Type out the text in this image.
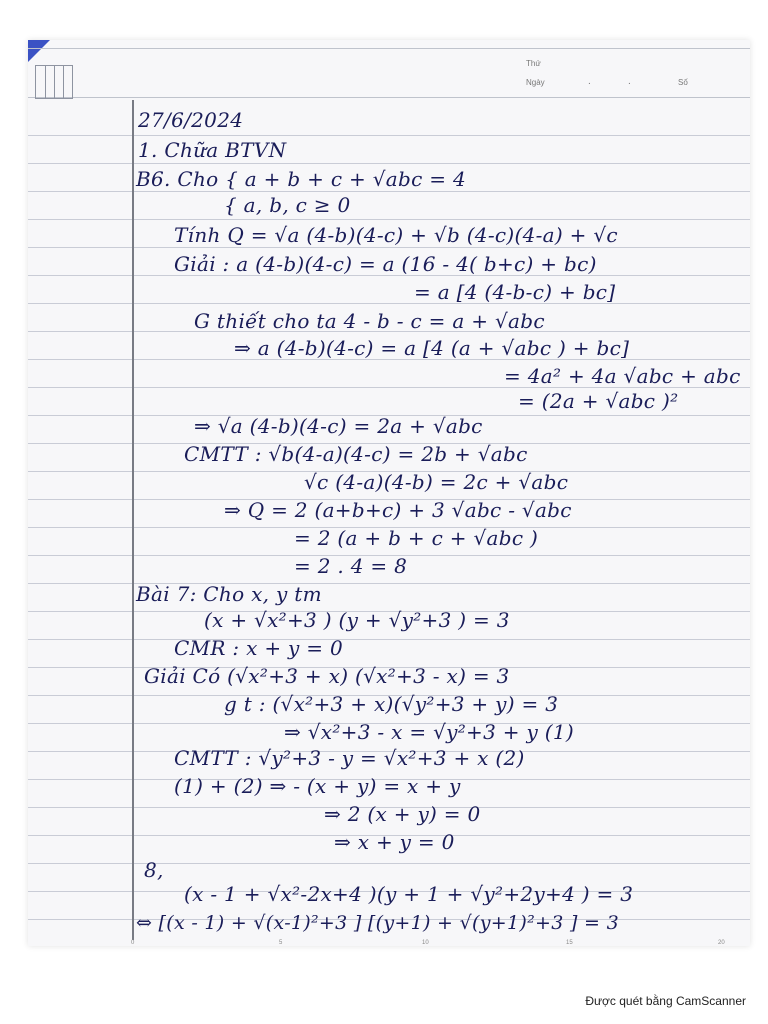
Thứ
Ngày	.	.	Số
27/6/2024
1. Chữa BTVN
B6. Cho { a + b + c + √abc = 4
{ a, b, c ≥ 0
Tính Q = √a (4-b)(4-c) + √b (4-c)(4-a) + √c
Giải : a (4-b)(4-c) = a (16 - 4( b+c) + bc)
= a [4 (4-b-c) + bc]
G thiết cho ta 4 - b - c = a + √abc
⇒ a (4-b)(4-c) = a [4 (a + √abc ) + bc]
= 4a² + 4a √abc + abc
= (2a + √abc )²
⇒ √a (4-b)(4-c) = 2a + √abc
CMTT : √b(4-a)(4-c) = 2b + √abc
√c (4-a)(4-b) = 2c + √abc
⇒ Q = 2 (a+b+c) + 3 √abc - √abc
= 2 (a + b + c + √abc )
= 2 . 4 = 8
Bài 7: Cho x, y tm
(x + √x²+3 ) (y + √y²+3 ) = 3
CMR : x + y = 0
Giải Có (√x²+3 + x) (√x²+3 - x) = 3
g t : (√x²+3 + x)(√y²+3 + y) = 3
⇒ √x²+3 - x = √y²+3 + y (1)
CMTT : √y²+3 - y = √x²+3 + x (2)
(1) + (2) ⇒ - (x + y) = x + y
⇒ 2 (x + y) = 0
⇒ x + y = 0
8,
(x - 1 + √x²-2x+4 )(y + 1 + √y²+2y+4 ) = 3
⇔ [(x - 1) + √(x-1)²+3 ] [(y+1) + √(y+1)²+3 ] = 3
0	5	10	15	20
Được quét bằng CamScanner
